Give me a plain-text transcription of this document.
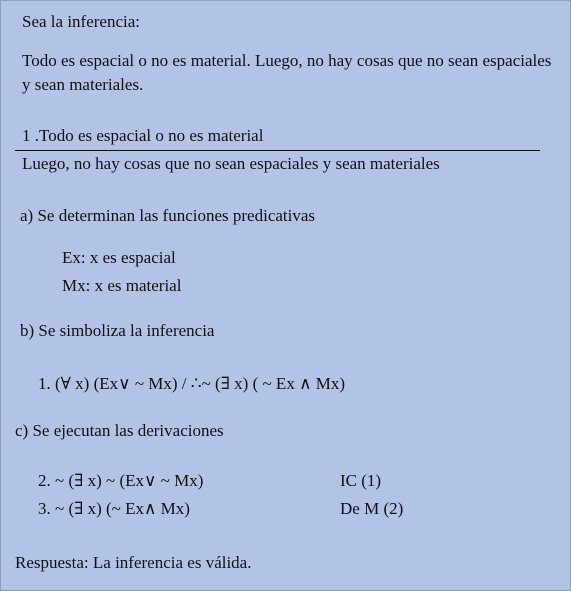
Sea la inferencia:
Todo es espacial o no es material. Luego, no hay cosas que no sean espaciales y sean materiales.
1 .Todo es espacial o no es material
Luego, no hay cosas que no sean espaciales y sean materiales
a) Se determinan las funciones predicativas
Ex: x es espacial
Mx: x es material
b) Se simboliza la inferencia
1. (∀ x) (Ex∨ ~ Mx) / ∴~ (∃ x) ( ~ Ex ∧ Mx)
c) Se ejecutan las derivaciones
2. ~ (∃ x) ~ (Ex∨ ~ Mx)	IC (1)
3. ~ (∃ x) (~ Ex∧ Mx)	De M (2)
Respuesta: La inferencia es válida.
